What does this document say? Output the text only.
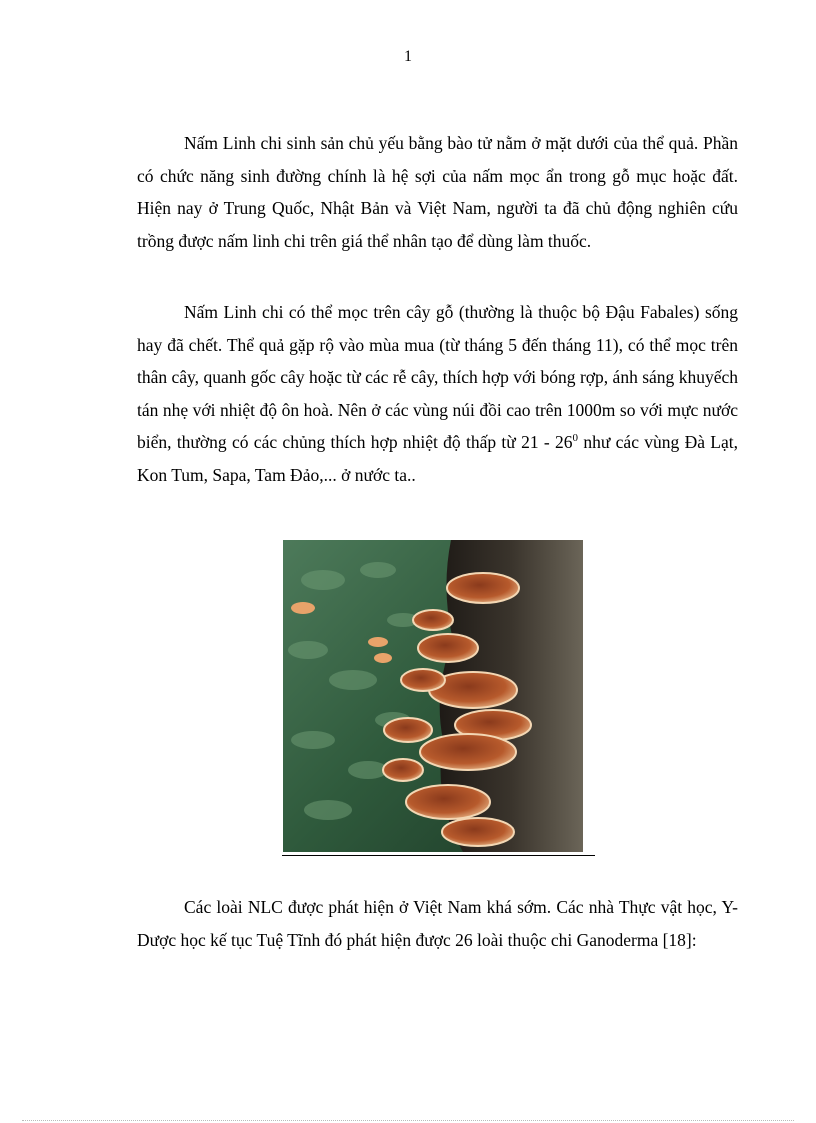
1

Nấm Linh chi sinh sản chủ yếu bằng bào tử nằm ở mặt dưới của thể quả. Phần có chức năng sinh đường chính là hệ sợi của nấm mọc ẩn trong gỗ mục hoặc đất. Hiện nay ở Trung Quốc, Nhật Bản và Việt Nam, người ta đã chủ động nghiên cứu trồng được nấm linh chi trên giá thể nhân tạo để dùng làm thuốc.

Nấm Linh chi có thể mọc trên cây gỗ (thường là thuộc bộ Đậu Fabales) sống hay đã chết. Thể quả gặp rộ vào mùa mua (từ tháng 5 đến tháng 11), có thể mọc trên thân cây, quanh gốc cây hoặc từ các rễ cây, thích hợp với bóng rợp, ánh sáng khuyếch tán nhẹ với nhiệt độ ôn hoà. Nên ở các vùng núi đồi cao trên 1000m so với mực nước biển, thường có các chủng thích hợp nhiệt độ thấp từ $21 - 26^0$ như các vùng Đà Lạt, Kon Tum, Sapa, Tam Đảo,... ở nước ta..

Các loài NLC được phát hiện ở Việt Nam khá sớm. Các nhà Thực vật học, Y- Dược học kế tục Tuệ Tĩnh đó phát hiện được 26 loài thuộc chi Ganoderma [18]:
